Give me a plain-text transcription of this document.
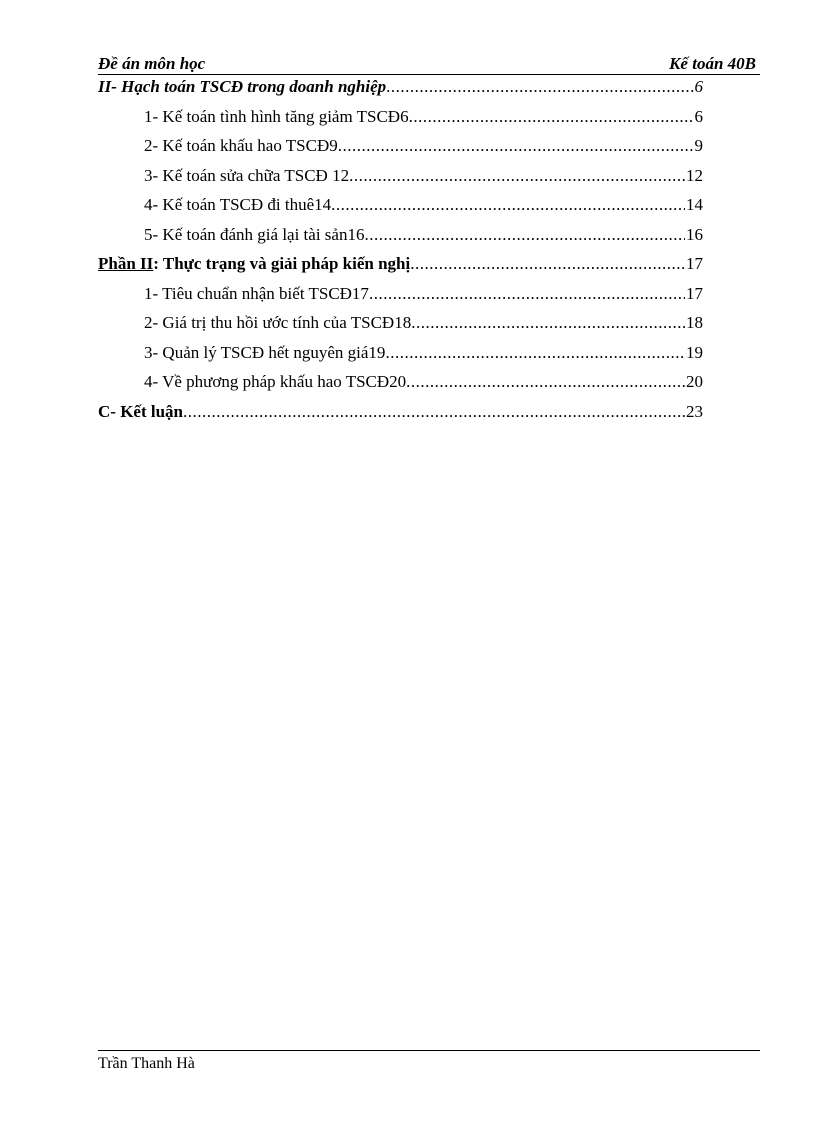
Đề án môn học	Kế toán 40B
II- Hạch toán TSCĐ trong doanh nghiệp .....	6
1- Kế toán tình hình tăng giảm TSCĐ6 .....	6
2- Kế toán khấu hao TSCĐ9 .....	9
3- Kế toán sửa chữa TSCĐ 12 .....	12
4- Kế toán TSCĐ đi thuê14 .....	14
5- Kế toán đánh giá lại tài sản16 .....	16
Phần II: Thực trạng và giải pháp kiến nghị .....	17
1- Tiêu chuẩn nhận biết TSCĐ17 .....	17
2- Giá trị thu hồi ước tính của TSCĐ18 .....	18
3- Quản lý TSCĐ hết nguyên giá19 .....	19
4- Về phương pháp khấu hao TSCĐ20 .....	20
C- Kết luận .....	23
Trần Thanh Hà
